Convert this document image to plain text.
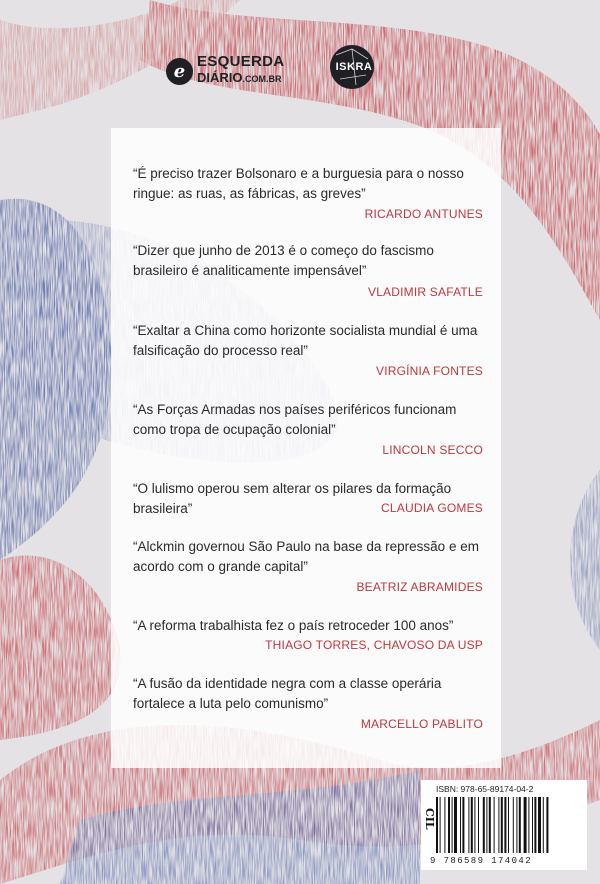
e ESQUERDA
DIÁRIO.COM.BR
ISKRA
“É preciso trazer Bolsonaro e a burguesia para o nosso ringue: as ruas, as fábricas, as greves”
RICARDO ANTUNES
“Dizer que junho de 2013 é o começo do fascismo brasileiro é analiticamente impensável”
VLADIMIR SAFATLE
“Exaltar a China como horizonte socialista mundial é uma falsificação do processo real”
VIRGÍNIA FONTES
“As Forças Armadas nos países periféricos funcionam como tropa de ocupação colonial”
LINCOLN SECCO
“O lulismo operou sem alterar os pilares da formação brasileira”	CLAUDIA GOMES
“Alckmin governou São Paulo na base da repressão e em acordo com o grande capital”
BEATRIZ ABRAMIDES
“A reforma trabalhista fez o país retroceder 100 anos”
THIAGO TORRES, CHAVOSO DA USP
“A fusão da identidade negra com a classe operária fortalece a luta pelo comunismo”
MARCELLO PABLITO
ISBN: 978-65-89174-04-2
9 786589 174042
CIL
